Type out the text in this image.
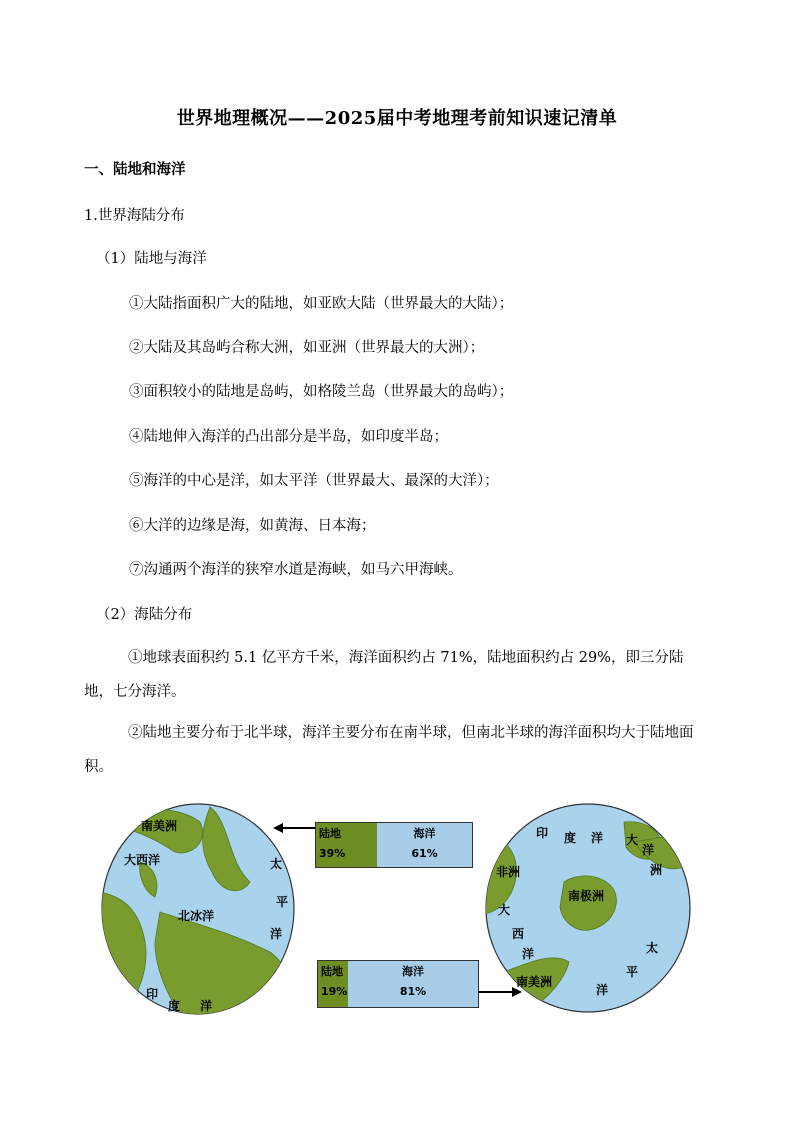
世界地理概况——2025届中考地理考前知识速记清单
一、陆地和海洋
1.世界海陆分布
（1）陆地与海洋
①大陆指面积广大的陆地，如亚欧大陆（世界最大的大陆）；
②大陆及其岛屿合称大洲，如亚洲（世界最大的大洲）；
③面积较小的陆地是岛屿，如格陵兰岛（世界最大的岛屿）；
④陆地伸入海洋的凸出部分是半岛，如印度半岛；
⑤海洋的中心是洋，如太平洋（世界最大、最深的大洋）；
⑥大洋的边缘是海，如黄海、日本海；
⑦沟通两个海洋的狭窄水道是海峡，如马六甲海峡。
（2）海陆分布
①地球表面积约 5.1 亿平方千米，海洋面积约占 71%，陆地面积约占 29%，即三分陆地，七分海洋。
②陆地主要分布于北半球，海洋主要分布在南半球，但南北半球的海洋面积均大于陆地面积。
南美洲
大西洋	太
平
洋
北冰洋
印
度 洋
陆地
39%
海洋
61%
陆地
19%
海洋
81%
印 度 洋 大
洋
洲
非洲
南极洲
大
西
洋	太
平
洋
南美洲
